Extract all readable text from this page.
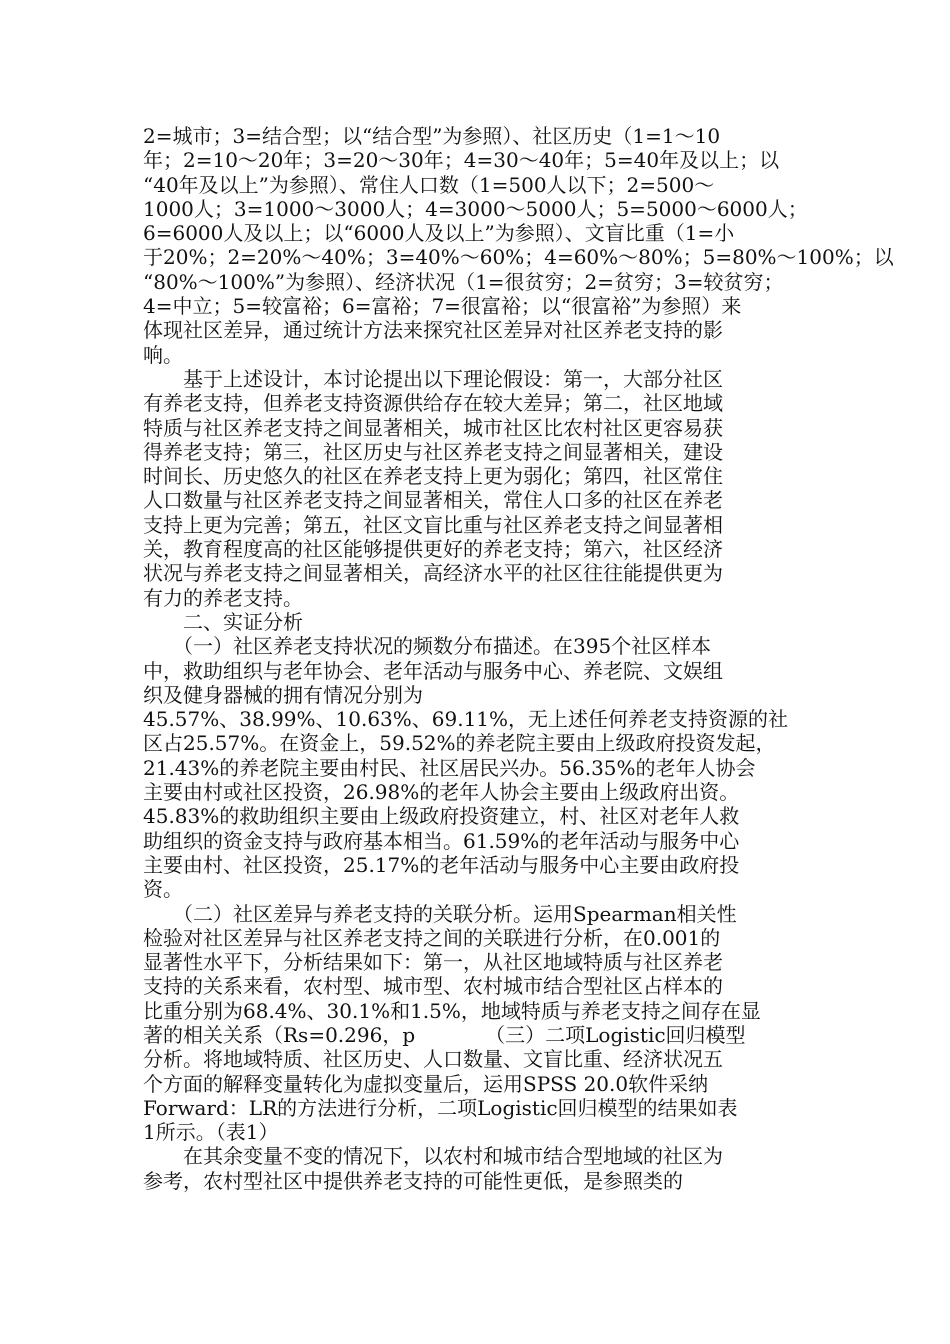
2=城市；3=结合型；以“结合型”为参照）、社区历史（1=1～10
年；2=10～20年；3=20～30年；4=30～40年；5=40年及以上；以
“40年及以上”为参照）、常住人口数（1=500人以下；2=500～
1000人；3=1000～3000人；4=3000～5000人；5=5000～6000人；
6=6000人及以上；以“6000人及以上”为参照）、文盲比重（1=小
于20%；2=20%～40%；3=40%～60%；4=60%～80%；5=80%～100%；以
“80%～100%”为参照）、经济状况（1=很贫穷；2=贫穷；3=较贫穷；
4=中立；5=较富裕；6=富裕；7=很富裕；以“很富裕”为参照）来
体现社区差异，通过统计方法来探究社区差异对社区养老支持的影
响。
　　基于上述设计，本讨论提出以下理论假设：第一，大部分社区
有养老支持，但养老支持资源供给存在较大差异；第二，社区地域
特质与社区养老支持之间显著相关，城市社区比农村社区更容易获
得养老支持；第三，社区历史与社区养老支持之间显著相关，建设
时间长、历史悠久的社区在养老支持上更为弱化；第四，社区常住
人口数量与社区养老支持之间显著相关，常住人口多的社区在养老
支持上更为完善；第五，社区文盲比重与社区养老支持之间显著相
关，教育程度高的社区能够提供更好的养老支持；第六，社区经济
状况与养老支持之间显著相关，高经济水平的社区往往能提供更为
有力的养老支持。
　　二、实证分析
　　（一）社区养老支持状况的频数分布描述。在395个社区样本
中，救助组织与老年协会、老年活动与服务中心、养老院、文娱组
织及健身器械的拥有情况分别为
45.57%、38.99%、10.63%、69.11%，无上述任何养老支持资源的社
区占25.57%。在资金上，59.52%的养老院主要由上级政府投资发起，
21.43%的养老院主要由村民、社区居民兴办。56.35%的老年人协会
主要由村或社区投资，26.98%的老年人协会主要由上级政府出资。
45.83%的救助组织主要由上级政府投资建立，村、社区对老年人救
助组织的资金支持与政府基本相当。61.59%的老年活动与服务中心
主要由村、社区投资，25.17%的老年活动与服务中心主要由政府投
资。
　　（二）社区差异与养老支持的关联分析。运用Spearman相关性
检验对社区差异与社区养老支持之间的关联进行分析，在0.001的
显著性水平下，分析结果如下：第一，从社区地域特质与社区养老
支持的关系来看，农村型、城市型、农村城市结合型社区占样本的
比重分别为68.4%、30.1%和1.5%，地域特质与养老支持之间存在显
著的相关关系（Rs=0.296，p　　　　（三）二项Logistic回归模型
分析。将地域特质、社区历史、人口数量、文盲比重、经济状况五
个方面的解释变量转化为虚拟变量后，运用SPSS 20.0软件采纳
Forward：LR的方法进行分析，二项Logistic回归模型的结果如表
1所示。（表1）
　　在其余变量不变的情况下，以农村和城市结合型地域的社区为
参考，农村型社区中提供养老支持的可能性更低，是参照类的
